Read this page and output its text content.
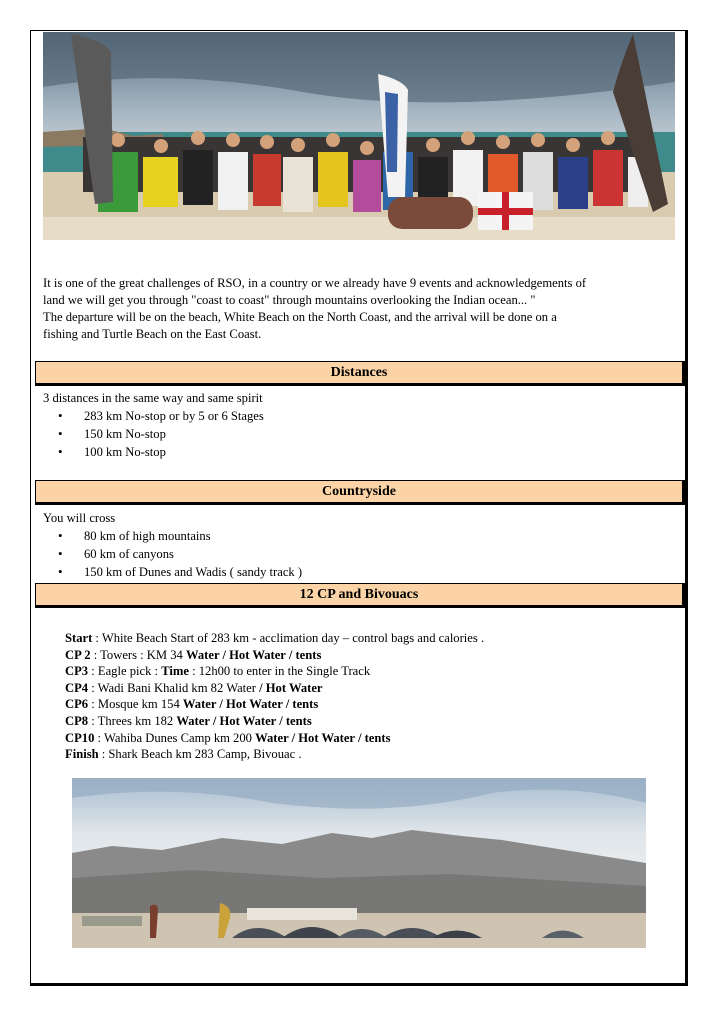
It is one of the great challenges of RSO, in a country or we already have 9 events and acknowledgements of
land we will get you through "coast to coast" through mountains overlooking the Indian ocean... "
The departure will be on the beach, White Beach on the North Coast, and the arrival will be done on a
fishing and Turtle Beach on the East Coast.
Distances
3 distances in the same way and same spirit
• 283 km No-stop or by 5 or 6 Stages
• 150 km No-stop
• 100 km No-stop
Countryside
You will cross
• 80 km of high mountains
• 60 km of canyons
• 150 km of Dunes and Wadis ( sandy track )
12 CP and Bivouacs
Start : White Beach Start of 283 km - acclimation day – control bags and calories .
CP 2 : Towers : KM 34 Water / Hot Water / tents
CP3 : Eagle pick : Time : 12h00 to enter in the Single Track
CP4 : Wadi Bani Khalid km 82 Water / Hot Water
CP6 : Mosque km 154 Water / Hot Water / tents
CP8 : Threes km 182 Water / Hot Water / tents
CP10 : Wahiba Dunes Camp km 200 Water / Hot Water / tents
Finish : Shark Beach km 283 Camp, Bivouac .
